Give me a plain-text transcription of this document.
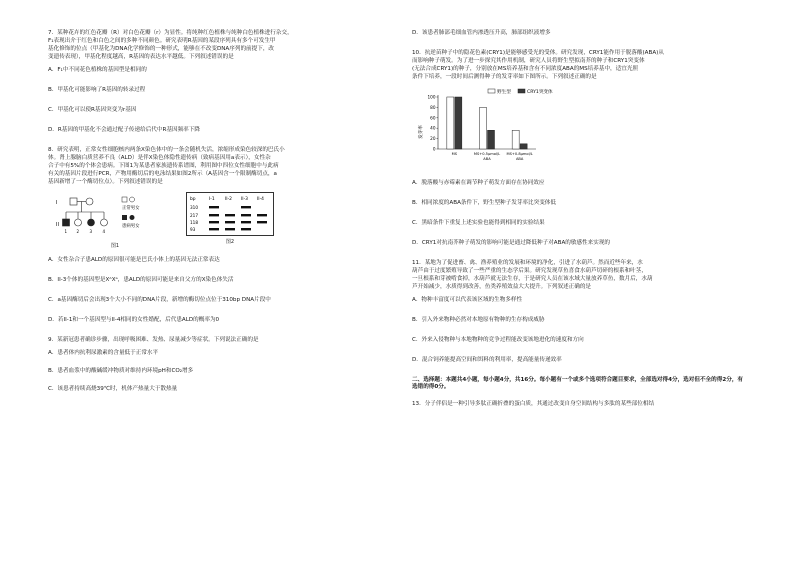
7．某种花卉的红色花瓣（R）对白色花瓣（r）为显性。将纯种红色植株与纯种白色植株进行杂交，

F₁表现出介于红色和白色之间的多种不同颜色。研究表明R基因的某段序列具有多个可发生甲

基化修饰的位点（甲基化为DNA化学修饰的一种形式，能够在不改变DNA序列的前提下，改

变遗传表现），甲基化程度越高，R基因的表达水平越低。下列叙述错误的是

A．F₁中不同花色植株的基因型是相同的

B．甲基化可能影响了R基因的转录过程

C．甲基化可以使R基因突变为r基因

D．R基因的甲基化不会通过配子传递给后代中R基因频率下降

8．研究表明，正常女性细胞核内两条X染色体中的一条会随机失活，浓缩形成染色较深的巴氏小

体。肾上腺脑白质营养不良（ALD）是伴X染色体隐性遗传病（致病基因用a表示），女性杂

合子中有5%的个体会患病。下图1为某患者家族遗传系谱图，利用图中四位女性细胞中与此病

有关的基因片段进行PCR，产物用酶切后的电泳结果如图2所示（A基因含一个限制酶切点，a

基因新增了一个酶切位点）。下列叙述错误的是

I
II
1 2	3	4
正常男女
患病男女
图1
bp	I-1 II-2 II-3 II-4
310
217
118
93
图2

A．女性杂合子患ALD的原因很可能是巴氏小体上的基因无法正常表达

B．II-3个体的基因型是XᴬXᵃ，患ALD的原因可能是来自父方的X染色体失活

C．a基因酶切后会出现3个大小不同的DNA片段，新增的酶切位点位于310bp DNA片段中

D．若II-1和一个基因型与II-4相同的女性婚配，后代患ALD的概率为0

9．某新冠患者确诊步骤，出现呼吸困难、发热、尿量减少等症状。下列说法正确的是

A．患者体内抗利尿激素的含量低于正常水平

B．患者血浆中的酸碱缓冲物质对维持内环境pH和CO₂增多

C．该患者持续高烧39℃时，机体产热量大于散热量

D．该患者肺部毛细血管内渗透压升高，肺部组织液增多

10．抗逆苗种子中的隐花色素(CRY1)是能够感受光的受体。研究发现，CRY1能作用于脱落酸(ABA)从

而影响种子萌发。为了进一步探究其作用机制，研究人员将野生型拟南芥的种子和CRY1突变体

(无法合成CRY1)的种子，分别放在MS培养基和含有不同浓度ABA的MS培养基中，适宜光照

条件下培养，一段时间后测得种子的发芽率如下图所示。下列叙述正确的是

发芽率
0
20
40
60
80
100
MS	MS+0.5μmol/L
ABA
MS+0.8μmol/L
ABA
野生型	CRY1突变体

A．脱落酸与赤霉素在调节种子萌发方面存在协同效应

B．相同浓度的ABA条件下，野生型种子发芽率比突变体低

C．黑暗条件下重复上述实验也能得到相同的实验结果

D．CRY1对抗南芥种子萌发的影响可能是通过降低种子对ABA的敏感性来实现的

11．某地为了促进畜、禽、渔养殖业的发展和环境的净化，引进了水葫芦。然而近些年来，水

葫芦由于过度繁殖导致了一些严重的生态学后果。研究发现草鱼喜食水葫芦切碎的根系和叶茎，

一旦根系和芽被啃食掉，水葫芦就无法生存，于是研究人员在该水域大量放养草鱼，数月后，水葫

芦开始减少，水质得到改善，鱼类养殖效益大大提升。下列叙述正确的是

A．物种丰富度可以代表该区域的生物多样性

B．引入外来物种必然对本地原有物种的生存构成威胁

C．外来入侵物种与本地物种的竞争过程能改变该地进化的速度和方向

D．混合饲养能提高空间和饵料的利用率，提高能量传递效率

二、选择题：本题共4小题，每小题4分，共16分。每小题有一个或多个选项符合题目要求，全部选对得4分，选对但不全的得2分，有选错的得0分。

13．分子伴侣是一种引导多肽正确折叠的蛋白质，其通过改变自身空间结构与多肽的某些部位相结
